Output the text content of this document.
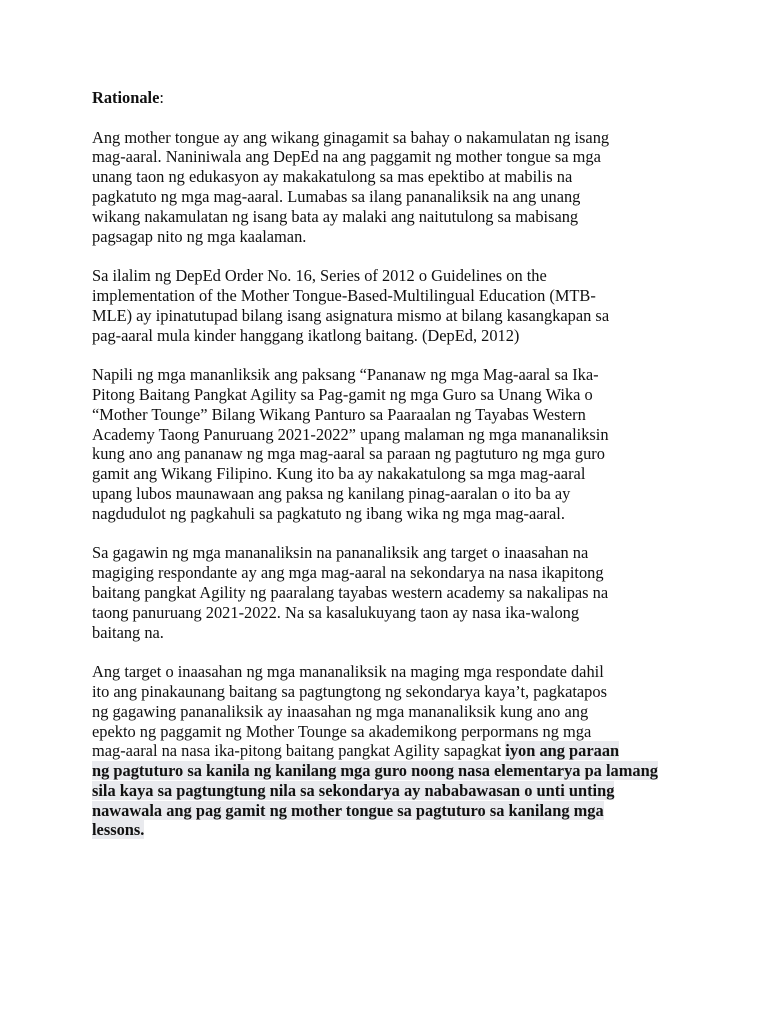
Rationale:

Ang mother tongue ay ang wikang ginagamit sa bahay o nakamulatan ng isang
mag-aaral. Naniniwala ang DepEd na ang paggamit ng mother tongue sa mga
unang taon ng edukasyon ay makakatulong sa mas epektibo at mabilis na
pagkatuto ng mga mag-aaral. Lumabas sa ilang pananaliksik na ang unang
wikang nakamulatan ng isang bata ay malaki ang naitutulong sa mabisang
pagsagap nito ng mga kaalaman.

Sa ilalim ng DepEd Order No. 16, Series of 2012 o Guidelines on the
implementation of the Mother Tongue-Based-Multilingual Education (MTB-
MLE) ay ipinatutupad bilang isang asignatura mismo at bilang kasangkapan sa
pag-aaral mula kinder hanggang ikatlong baitang. (DepEd, 2012)

Napili ng mga mananliksik ang paksang “Pananaw ng mga Mag-aaral sa Ika-
Pitong Baitang Pangkat Agility sa Pag-gamit ng mga Guro sa Unang Wika o
“Mother Tounge” Bilang Wikang Panturo sa Paaraalan ng Tayabas Western
Academy Taong Panuruang 2021-2022” upang malaman ng mga mananaliksin
kung ano ang pananaw ng mga mag-aaral sa paraan ng pagtuturo ng mga guro
gamit ang Wikang Filipino. Kung ito ba ay nakakatulong sa mga mag-aaral
upang lubos maunawaan ang paksa ng kanilang pinag-aaralan o ito ba ay
nagdudulot ng pagkahuli sa pagkatuto ng ibang wika ng mga mag-aaral.

Sa gagawin ng mga mananaliksin na pananaliksik ang target o inaasahan na
magiging respondante ay ang mga mag-aaral na sekondarya na nasa ikapitong
baitang pangkat Agility ng paaralang tayabas western academy sa nakalipas na
taong panuruang 2021-2022. Na sa kasalukuyang taon ay nasa ika-walong
baitang na.

Ang target o inaasahan ng mga mananaliksik na maging mga respondate dahil
ito ang pinakaunang baitang sa pagtungtong ng sekondarya kaya’t, pagkatapos
ng gagawing pananaliksik ay inaasahan ng mga mananaliksik kung ano ang
epekto ng paggamit ng Mother Tounge sa akademikong perpormans ng mga
mag-aaral na nasa ika-pitong baitang pangkat Agility sapagkat iyon ang paraan
ng pagtuturo sa kanila ng kanilang mga guro noong nasa elementarya pa lamang
sila kaya sa pagtungtung nila sa sekondarya ay nababawasan o unti unting
nawawala ang pag gamit ng mother tongue sa pagtuturo sa kanilang mga
lessons.
